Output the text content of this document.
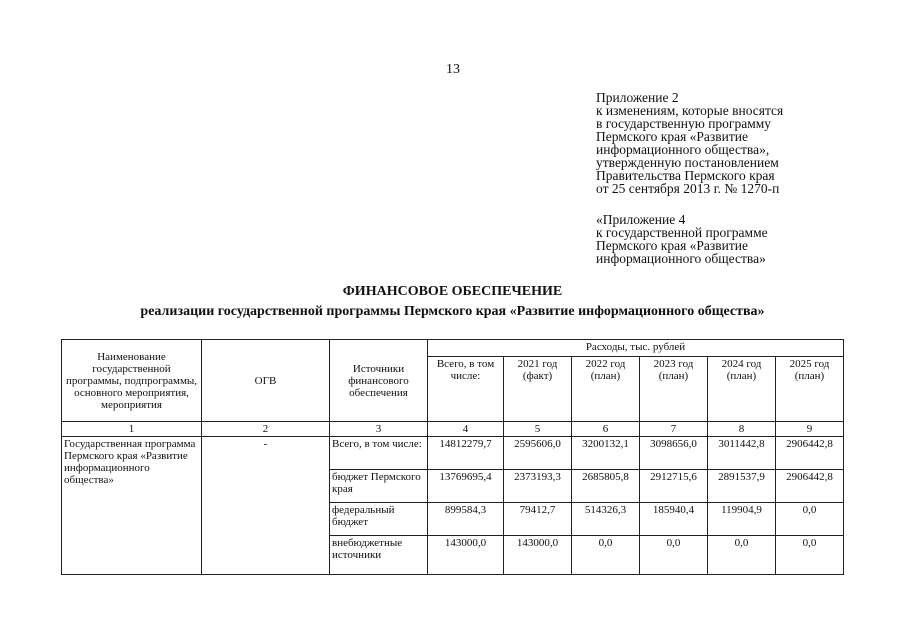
13
Приложение 2
к изменениям, которые вносятся
в государственную программу
Пермского края «Развитие
информационного общества»,
утвержденную постановлением
Правительства Пермского края
от 25 сентября 2013 г. № 1270-п
«Приложение 4
к государственной программе
Пермского края «Развитие
информационного общества»
ФИНАНСОВОЕ ОБЕСПЕЧЕНИЕ
реализации государственной программы Пермского края «Развитие информационного общества»
Наименование государственной программы, подпрограммы, основного мероприятия, мероприятия	ОГВ	Источники финансового обеспечения	Расходы, тыс. рублей					
			Всего, в том числе:	2021 год (факт)	2022 год (план)	2023 год (план)	2024 год (план)	2025 год (план)
1	2	3	4	5	6	7	8	9
Государственная программа Пермского края «Развитие информационного общества»	-	Всего, в том числе:	14812279,7	2595606,0	3200132,1	3098656,0	3011442,8	2906442,8
		бюджет Пермского края	13769695,4	2373193,3	2685805,8	2912715,6	2891537,9	2906442,8
		федеральный бюджет	899584,3	79412,7	514326,3	185940,4	119904,9	0,0
		внебюджетные источники	143000,0	143000,0	0,0	0,0	0,0	0,0
